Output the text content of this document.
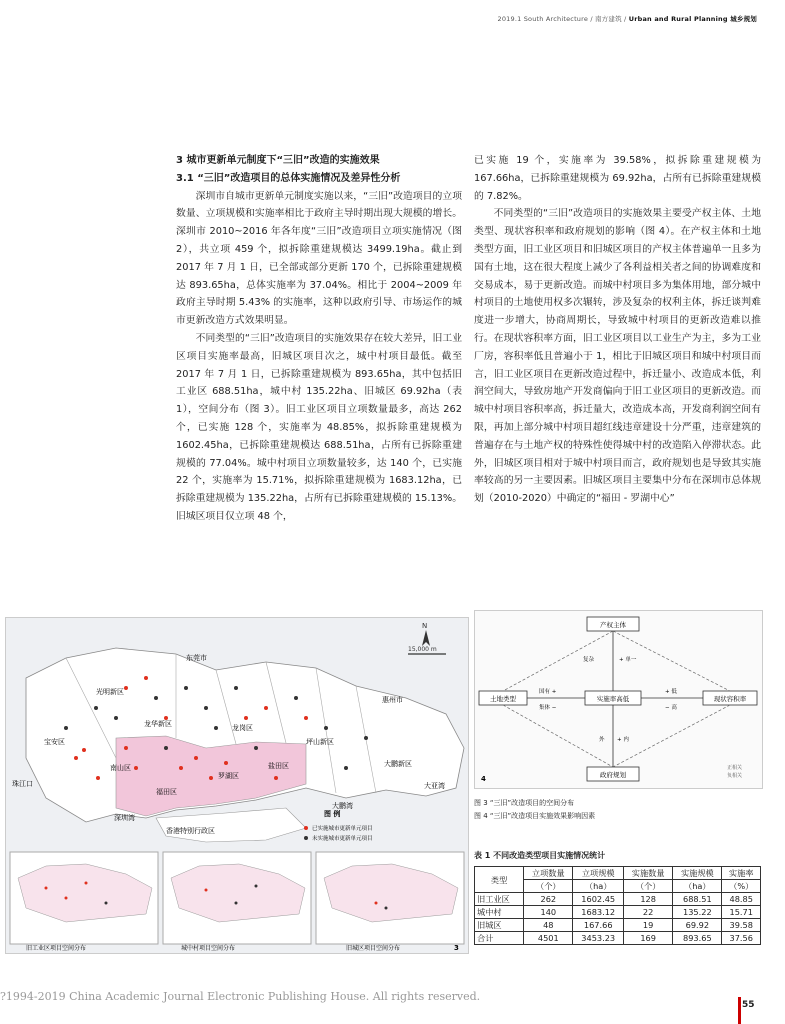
2019.1 South Architecture / 南方建筑 / Urban and Rural Planning 城乡规划
3 城市更新单元制度下“三旧”改造的实施效果
3.1 “三旧”改造项目的总体实施情况及差异性分析

深圳市自城市更新单元制度实施以来，“三旧”改造项目的立项数量、立项规模和实施率相比于政府主导时期出现大规模的增长。深圳市 2010~2016 年各年度“三旧”改造项目立项实施情况（图 2），共立项 459 个，拟拆除重建规模达 3499.19ha。截止到 2017 年 7 月 1 日，已全部或部分更新 170 个，已拆除重建规模达 893.65ha，总体实施率为 37.04%。相比于 2004~2009 年政府主导时期 5.43% 的实施率，这种以政府引导、市场运作的城市更新改造方式效果明显。

不同类型的“三旧”改造项目的实施效果存在较大差异，旧工业区项目实施率最高，旧城区项目次之，城中村项目最低。截至 2017 年 7 月 1 日，已拆除重建规模为 893.65ha，其中包括旧工业区 688.51ha，城中村 135.22ha、旧城区 69.92ha（表 1），空间分布（图 3）。旧工业区项目立项数量最多，高达 262 个，已实施 128 个，实施率为 48.85%，拟拆除重建规模为 1602.45ha，已拆除重建规模达 688.51ha，占所有已拆除重建规模的 77.04%。城中村项目立项数量较多，达 140 个，已实施 22 个，实施率为 15.71%，拟拆除重建规模为 1683.12ha，已拆除重建规模为 135.22ha，占所有已拆除重建规模的 15.13%。旧城区项目仅立项 48 个，

已实施 19 个，实施率为 39.58%，拟拆除重建规模为 167.66ha，已拆除重建规模为 69.92ha，占所有已拆除重建规模的 7.82%。

不同类型的“三旧”改造项目的实施效果主要受产权主体、土地类型、现状容积率和政府规划的影响（图 4）。在产权主体和土地类型方面，旧工业区项目和旧城区项目的产权主体普遍单一且多为国有土地，这在很大程度上减少了各利益相关者之间的协调难度和交易成本，易于更新改造。而城中村项目多为集体用地，部分城中村项目的土地使用权多次辗转，涉及复杂的权利主体，拆迁谈判难度进一步增大，协商周期长，导致城中村项目的更新改造难以推行。在现状容积率方面，旧工业区项目以工业生产为主，多为工业厂房，容积率低且普遍小于 1，相比于旧城区项目和城中村项目而言，旧工业区项目在更新改造过程中，拆迁量小、改造成本低，利润空间大，导致房地产开发商偏向于旧工业区项目的更新改造。而城中村项目容积率高，拆迁量大，改造成本高，开发商利润空间有限，再加上部分城中村项目超红线违章建设十分严重，违章建筑的普遍存在与土地产权的特殊性使得城中村的改造陷入停滞状态。此外，旧城区项目相对于城中村项目而言，政府规划也是导致其实施率较高的另一主要因素。旧城区项目主要集中分布在深圳市总体规划（2010-2020）中确定的“福田 - 罗湖中心”

N
15,000 m
东莞市
光明新区
宝安区
龙华新区	龙岗区
坪山新区
惠州市
大鹏新区
南山区
福田区
罗湖区
盐田区
深圳湾
大鹏湾
大亚湾
珠江口
香港特别行政区
图 例
已实施城市更新单元项目
未实施城市更新单元项目
旧工业区项目空间分布	城中村项目空间分布	旧城区项目空间分布	3
产权主体
土地类型	实施率高低	现状容积率
政府规划
复杂	+ 单一
国有 +
集体 −
+ 低
− 高
外 + 内
4
正相关
负相关
图 3 “三旧”改造项目的空间分布
图 4 “三旧”改造项目实施效果影响因素
表 1 不同改造类型项目实施情况统计
类型	立项数量	立项规模	实施数量	实施规模	实施率
	（个）	（ha）	（个）	（ha）	（%）
旧工业区	262	1602.45	128	688.51	48.85
城中村	140	1683.12	22	135.22	15.71
旧城区	48	167.66	19	69.92	39.58
合计	4501	3453.23	169	893.65	37.56
?1994-2019 China Academic Journal Electronic Publishing House. All rights reserved.
55
